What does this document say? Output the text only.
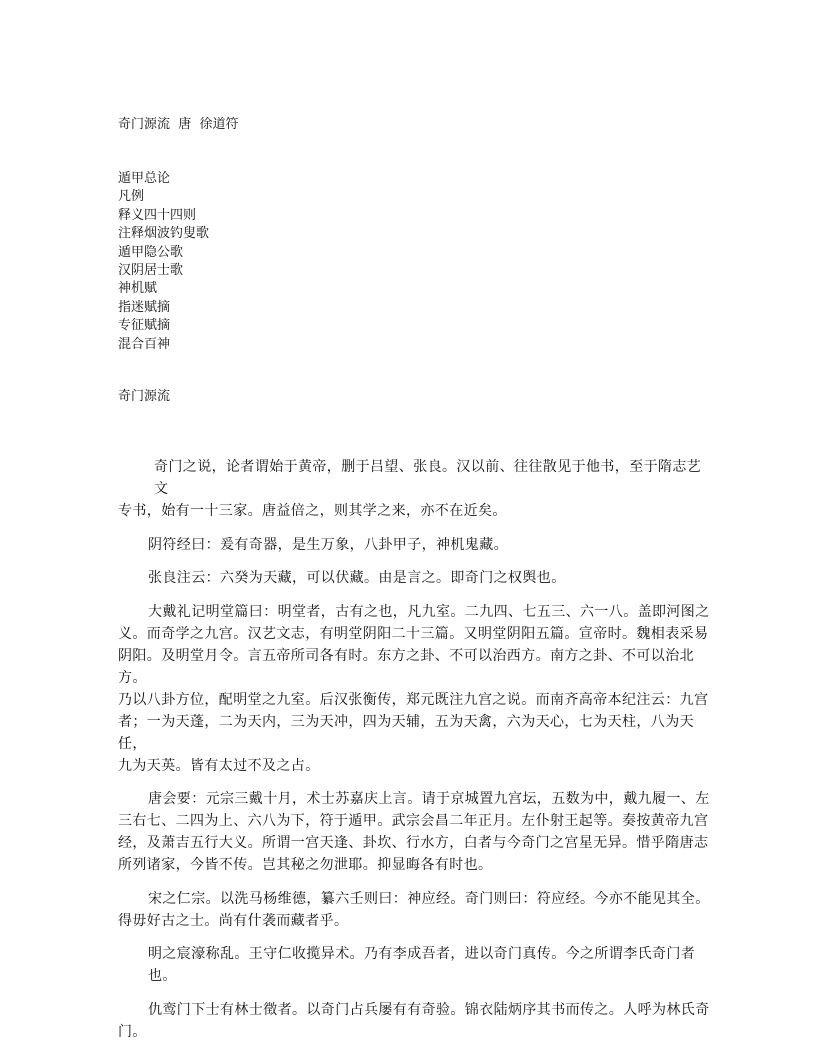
奇门源流  唐  徐道符
遁甲总论
凡例
释义四十四则
注释烟波钓叟歌
遁甲隐公歌
汉阴居士歌
神机赋
指迷赋摘
专征赋摘
混合百神
奇门源流
奇门之说，论者谓始于黄帝，删于吕望、张良。汉以前、往往散见于他书，至于隋志艺文
专书，始有一十三家。唐益倍之，则其学之来，亦不在近矣。
阴符经曰：爰有奇器，是生万象，八卦甲子，神机鬼藏。
张良注云：六癸为天藏，可以伏藏。由是言之。即奇门之权舆也。
大戴礼记明堂篇曰：明堂者，古有之也，凡九室。二九四、七五三、六一八。盖即河图之
义。而奇学之九宫。汉艺文志，有明堂阴阳二十三篇。又明堂阴阳五篇。宣帝时。魏相表采易
阴阳。及明堂月令。言五帝所司各有时。东方之卦、不可以治西方。南方之卦、不可以治北方。
乃以八卦方位，配明堂之九室。后汉张衡传，郑元既注九宫之说。而南齐高帝本纪注云：九宫
者；一为天蓬，二为天内，三为天冲，四为天辅，五为天禽，六为天心，七为天柱，八为天任，
九为天英。皆有太过不及之占。
唐会要：元宗三戴十月，术士苏嘉庆上言。请于京城置九宫坛，五数为中，戴九履一、左
三右七、二四为上、六八为下，符于遁甲。武宗会昌二年正月。左仆射王起等。奏按黄帝九宫
经，及萧吉五行大义。所谓一宫天逢、卦坎、行水方，白者与今奇门之宫星无异。惜乎隋唐志
所列诸家，今皆不传。岂其秘之勿泄耶。抑显晦各有时也。
宋之仁宗。以洗马杨维德，纂六壬则曰：神应经。奇门则曰：符应经。今亦不能见其全。
得毋好古之士。尚有什袭而藏者乎。
明之宸濠称乱。王守仁收揽异术。乃有李成吾者，进以奇门真传。今之所谓李氏奇门者也。
仇鸾门下士有林士徵者。以奇门占兵屡有有奇验。锦衣陆炳序其书而传之。人呼为林氏奇
门。
